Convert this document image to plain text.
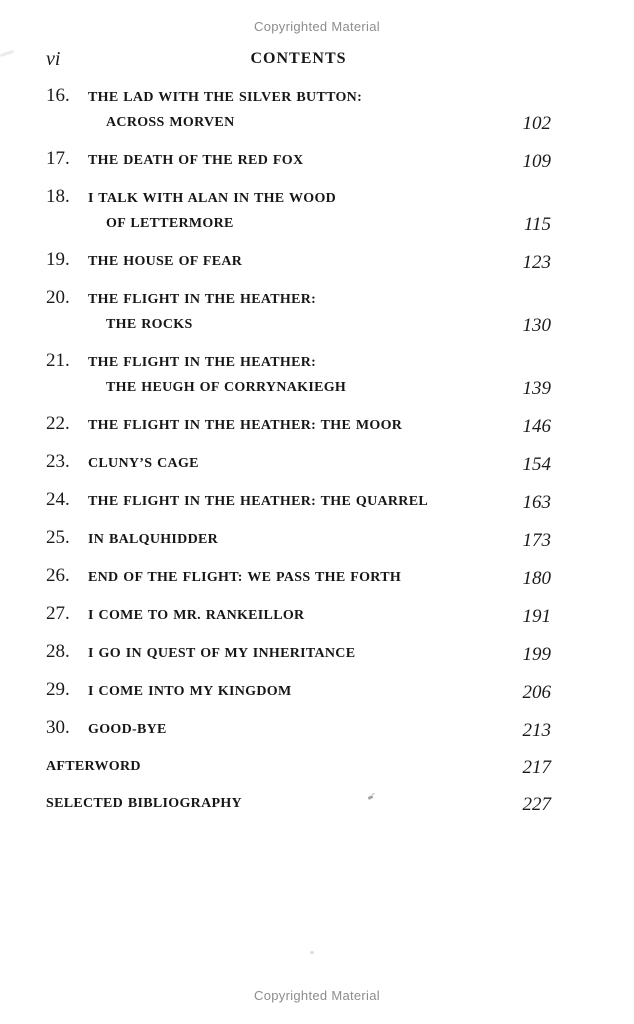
Copyrighted Material
vi	CONTENTS
16. THE LAD WITH THE SILVER BUTTON:
ACROSS MORVEN	102
17. THE DEATH OF THE RED FOX	109
18. I TALK WITH ALAN IN THE WOOD
OF LETTERMORE	115
19. THE HOUSE OF FEAR	123
20. THE FLIGHT IN THE HEATHER:
THE ROCKS	130
21. THE FLIGHT IN THE HEATHER:
THE HEUGH OF CORRYNAKIEGH	139
22. THE FLIGHT IN THE HEATHER: THE MOOR	146
23. CLUNY’S CAGE	154
24. THE FLIGHT IN THE HEATHER: THE QUARREL	163
25. IN BALQUHIDDER	173
26. END OF THE FLIGHT: WE PASS THE FORTH	180
27. I COME TO MR. RANKEILLOR	191
28. I GO IN QUEST OF MY INHERITANCE	199
29. I COME INTO MY KINGDOM	206
30. GOOD-BYE	213
AFTERWORD	217
SELECTED BIBLIOGRAPHY	227
Copyrighted Material
